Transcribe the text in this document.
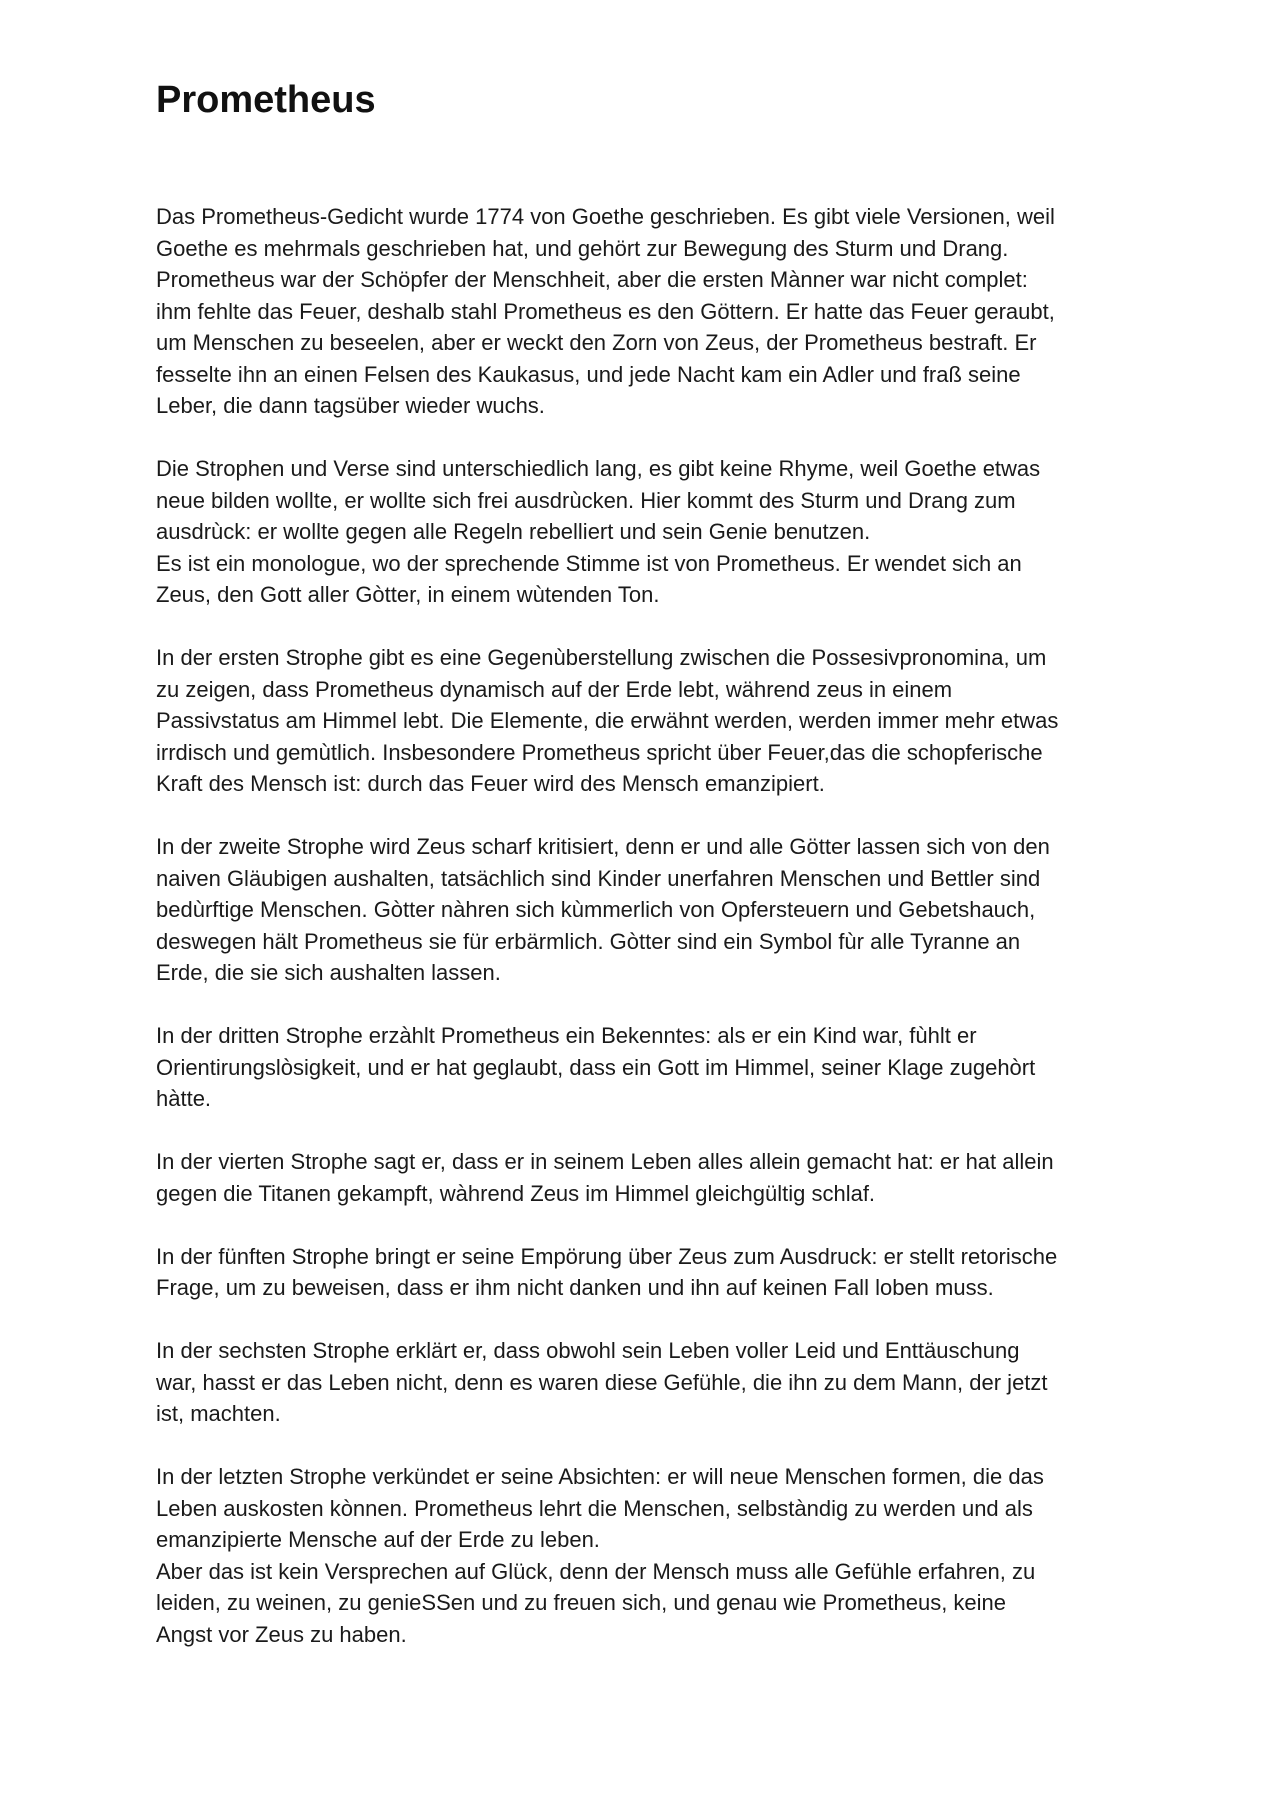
Prometheus

Das Prometheus-Gedicht wurde 1774 von Goethe geschrieben. Es gibt viele Versionen, weil
Goethe es mehrmals geschrieben hat, und gehört zur Bewegung des Sturm und Drang.
Prometheus war der Schöpfer der Menschheit, aber die ersten Mànner war nicht complet:
ihm fehlte das Feuer, deshalb stahl Prometheus es den Göttern. Er hatte das Feuer geraubt,
um Menschen zu beseelen, aber er weckt den Zorn von Zeus, der Prometheus bestraft. Er
fesselte ihn an einen Felsen des Kaukasus, und jede Nacht kam ein Adler und fraß seine
Leber, die dann tagsüber wieder wuchs.

Die Strophen und Verse sind unterschiedlich lang, es gibt keine Rhyme, weil Goethe etwas
neue bilden wollte, er wollte sich frei ausdrùcken. Hier kommt des Sturm und Drang zum
ausdrùck: er wollte gegen alle Regeln rebelliert und sein Genie benutzen.

Es ist ein monologue, wo der sprechende Stimme ist von Prometheus. Er wendet sich an
Zeus, den Gott aller Gòtter, in einem wùtenden Ton.

In der ersten Strophe gibt es eine Gegenùberstellung zwischen die Possesivpronomina, um
zu zeigen, dass Prometheus dynamisch auf der Erde lebt, während zeus in einem
Passivstatus am Himmel lebt. Die Elemente, die erwähnt werden, werden immer mehr etwas
irrdisch und gemùtlich. Insbesondere Prometheus spricht über Feuer,das die schopferische
Kraft des Mensch ist: durch das Feuer wird des Mensch emanzipiert.

In der zweite Strophe wird Zeus scharf kritisiert, denn er und alle Götter lassen sich von den
naiven Gläubigen aushalten, tatsächlich sind Kinder unerfahren Menschen und Bettler sind
bedùrftige Menschen. Gòtter nàhren sich kùmmerlich von Opfersteuern und Gebetshauch,
deswegen hält Prometheus sie für erbärmlich. Gòtter sind ein Symbol fùr alle Tyranne an
Erde, die sie sich aushalten lassen.

In der dritten Strophe erzàhlt Prometheus ein Bekenntes: als er ein Kind war, fùhlt er
Orientirungslòsigkeit, und er hat geglaubt, dass ein Gott im Himmel, seiner Klage zugehòrt
hàtte.

In der vierten Strophe sagt er, dass er in seinem Leben alles allein gemacht hat: er hat allein
gegen die Titanen gekampft, wàhrend Zeus im Himmel gleichgültig schlaf.

In der fünften Strophe bringt er seine Empörung über Zeus zum Ausdruck: er stellt retorische
Frage, um zu beweisen, dass er ihm nicht danken und ihn auf keinen Fall loben muss.

In der sechsten Strophe erklärt er, dass obwohl sein Leben voller Leid und Enttäuschung
war, hasst er das Leben nicht, denn es waren diese Gefühle, die ihn zu dem Mann, der jetzt
ist, machten.

In der letzten Strophe verkündet er seine Absichten: er will neue Menschen formen, die das
Leben auskosten kònnen. Prometheus lehrt die Menschen, selbstàndig zu werden und als
emanzipierte Mensche auf der Erde zu leben.

Aber das ist kein Versprechen auf Glück, denn der Mensch muss alle Gefühle erfahren, zu
leiden, zu weinen, zu genieSSen und zu freuen sich, und genau wie Prometheus, keine
Angst vor Zeus zu haben.
